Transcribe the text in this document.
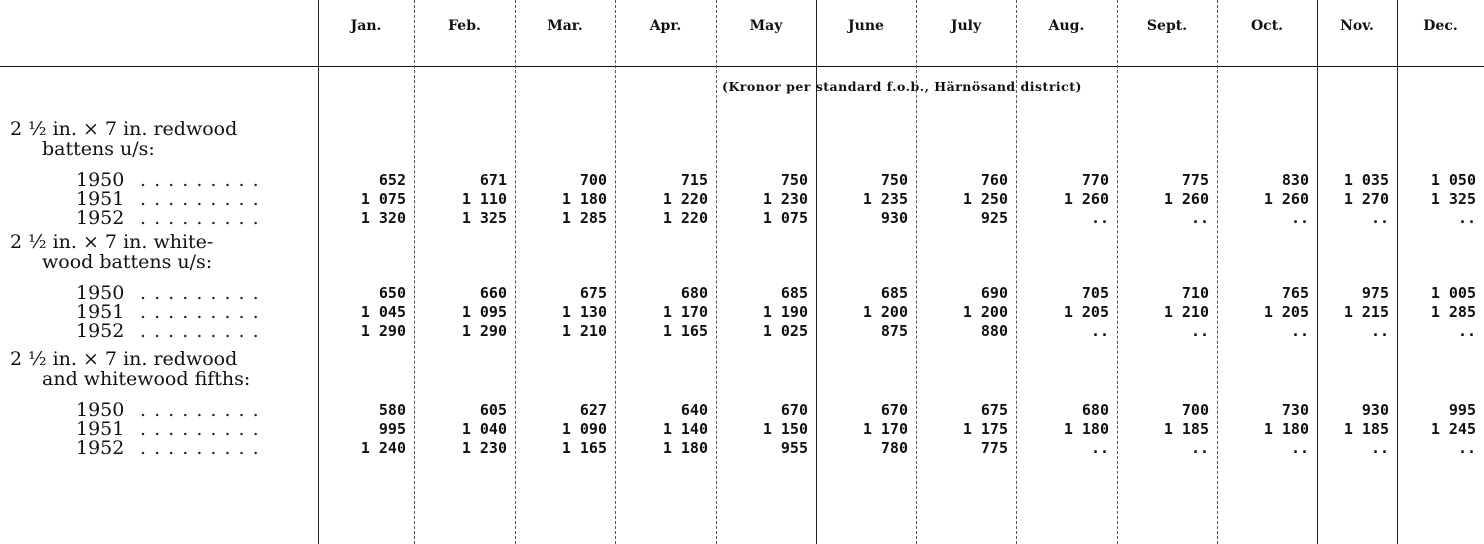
(Kronor per standard f.o.b., Härnösand district)
Jan.	Feb.	Mar.	Apr.	May	June	July	Aug.	Sept.	Oct.	Nov.	Dec.
2 ½ in. × 7 in. redwood
battens u/s:
1950 . . . . . . . . .	652	671	700	715	750	750	760	770	775	830	1 035	1 050
1951 . . . . . . . . .	1 075	1 110	1 180	1 220	1 230	1 235	1 250	1 260	1 260	1 260	1 270	1 325
1952 . . . . . . . . .	1 320	1 325	1 285	1 220	1 075	930	925	..	..	..	..	..
2 ½ in. × 7 in. white-
wood battens u/s:
1950 . . . . . . . . .	650	660	675	680	685	685	690	705	710	765	975	1 005
1951 . . . . . . . . .	1 045	1 095	1 130	1 170	1 190	1 200	1 200	1 205	1 210	1 205	1 215	1 285
1952 . . . . . . . . .	1 290	1 290	1 210	1 165	1 025	875	880	..	..	..	..	..
2 ½ in. × 7 in. redwood
and whitewood fifths:
1950 . . . . . . . . .	580	605	627	640	670	670	675	680	700	730	930	995
1951 . . . . . . . . .	995	1 040	1 090	1 140	1 150	1 170	1 175	1 180	1 185	1 180	1 185	1 245
1952 . . . . . . . . .	1 240	1 230	1 165	1 180	955	780	775	..	..	..	..	..
